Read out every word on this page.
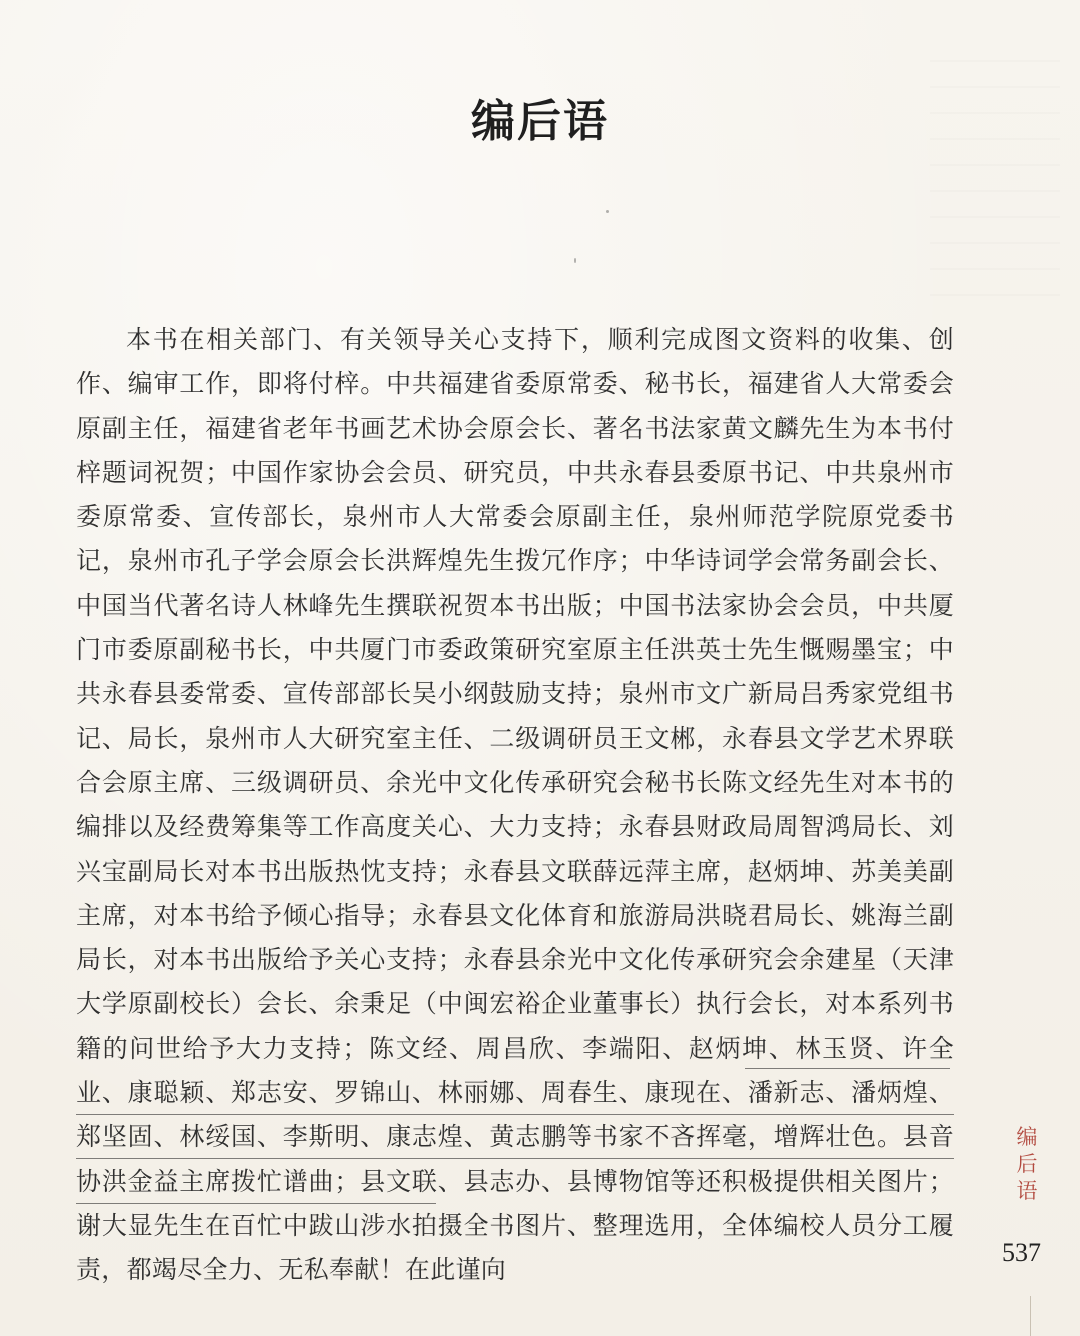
编后语

本书在相关部门、有关领导关心支持下，顺利完成图文资料的收集、创作、编审工作，即将付梓。中共福建省委原常委、秘书长，福建省人大常委会原副主任，福建省老年书画艺术协会原会长、著名书法家黄文麟先生为本书付梓题词祝贺；中国作家协会会员、研究员，中共永春县委原书记、中共泉州市委原常委、宣传部长，泉州市人大常委会原副主任，泉州师范学院原党委书记，泉州市孔子学会原会长洪辉煌先生拨冗作序；中华诗词学会常务副会长、中国当代著名诗人林峰先生撰联祝贺本书出版；中国书法家协会会员，中共厦门市委原副秘书长，中共厦门市委政策研究室原主任洪英士先生慨赐墨宝；中共永春县委常委、宣传部部长吴小纲鼓励支持；泉州市文广新局吕秀家党组书记、局长，泉州市人大研究室主任、二级调研员王文郴，永春县文学艺术界联合会原主席、三级调研员、余光中文化传承研究会秘书长陈文经先生对本书的编排以及经费筹集等工作高度关心、大力支持；永春县财政局周智鸿局长、刘兴宝副局长对本书出版热忱支持；永春县文联薛远萍主席，赵炳坤、苏美美副主席，对本书给予倾心指导；永春县文化体育和旅游局洪晓君局长、姚海兰副局长，对本书出版给予关心支持；永春县余光中文化传承研究会余建星（天津大学原副校长）会长、余秉足（中闽宏裕企业董事长）执行会长，对本系列书籍的问世给予大力支持；陈文经、周昌欣、李端阳、赵炳坤、林玉贤、许全业、康聪颖、郑志安、罗锦山、林丽娜、周春生、康现在、潘新志、潘炳煌、郑坚固、林绥国、李斯明、康志煌、黄志鹏等书家不吝挥毫，增辉壮色。县音协洪金益主席拨忙谱曲；县文联、县志办、县博物馆等还积极提供相关图片；谢大显先生在百忙中跋山涉水拍摄全书图片、整理选用，全体编校人员分工履责，都竭尽全力、无私奉献！在此谨向

编后语
537
